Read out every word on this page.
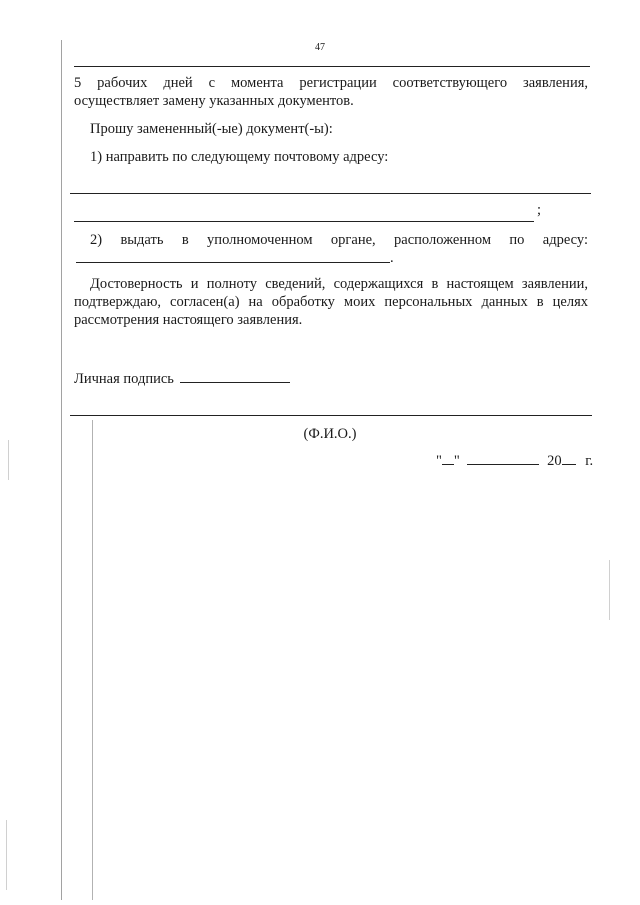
47
5 рабочих дней с момента регистрации соответствующего заявления,
осуществляет замену указанных документов.
Прошу замененный(-ые) документ(-ы):
1) направить по следующему почтовому адресу:
;
2) выдать в уполномоченном органе, расположенном по адресу:
.
Достоверность и полноту сведений, содержащихся в настоящем заявлении,
подтверждаю, согласен(а) на обработку моих персональных данных в целях
рассмотрения настоящего заявления.
Личная подпись
(Ф.И.О.)
" "	20 г.
